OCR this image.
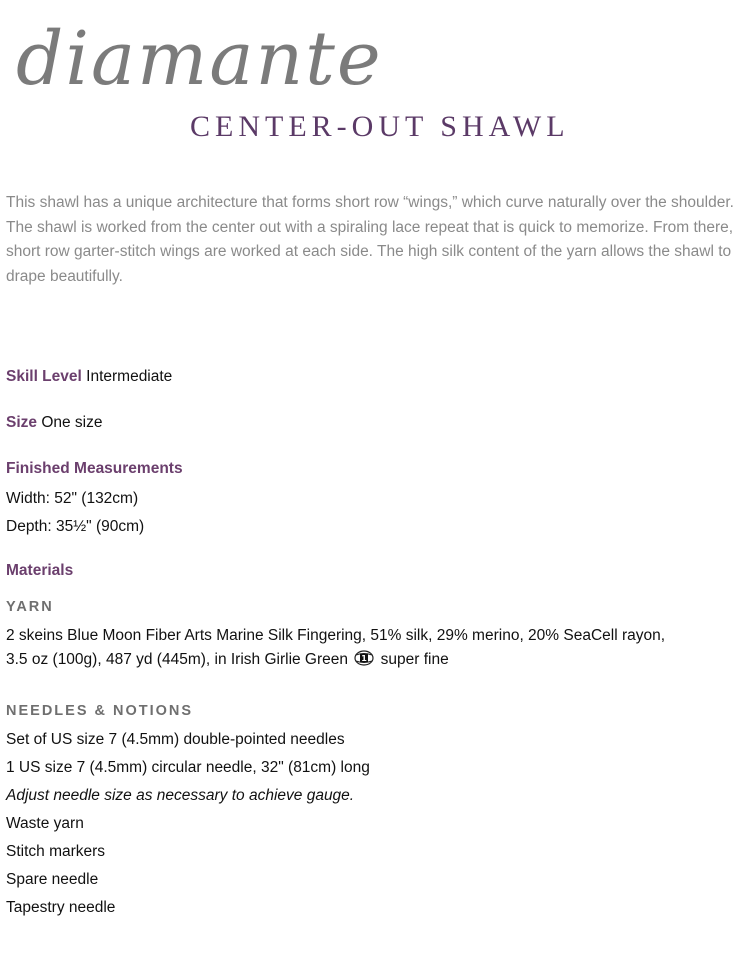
diamante
CENTER-OUT SHAWL

This shawl has a unique architecture that forms short row “wings,” which curve naturally over the shoulder. The shawl is worked from the center out with a spiraling lace repeat that is quick to memorize. From there, short row garter-stitch wings are worked at each side. The high silk content of the yarn allows the shawl to drape beautifully.

Skill Level Intermediate
Size One size
Finished Measurements
Width: 52" (132cm)
Depth: 35½" (90cm)
Materials
YARN
2 skeins Blue Moon Fiber Arts Marine Silk Fingering, 51% silk, 29% merino, 20% SeaCell rayon,
3.5 oz (100g), 487 yd (445m), in Irish Girlie Green 1 super fine
NEEDLES & NOTIONS
Set of US size 7 (4.5mm) double-pointed needles
1 US size 7 (4.5mm) circular needle, 32" (81cm) long
Adjust needle size as necessary to achieve gauge.
Waste yarn
Stitch markers
Spare needle
Tapestry needle
